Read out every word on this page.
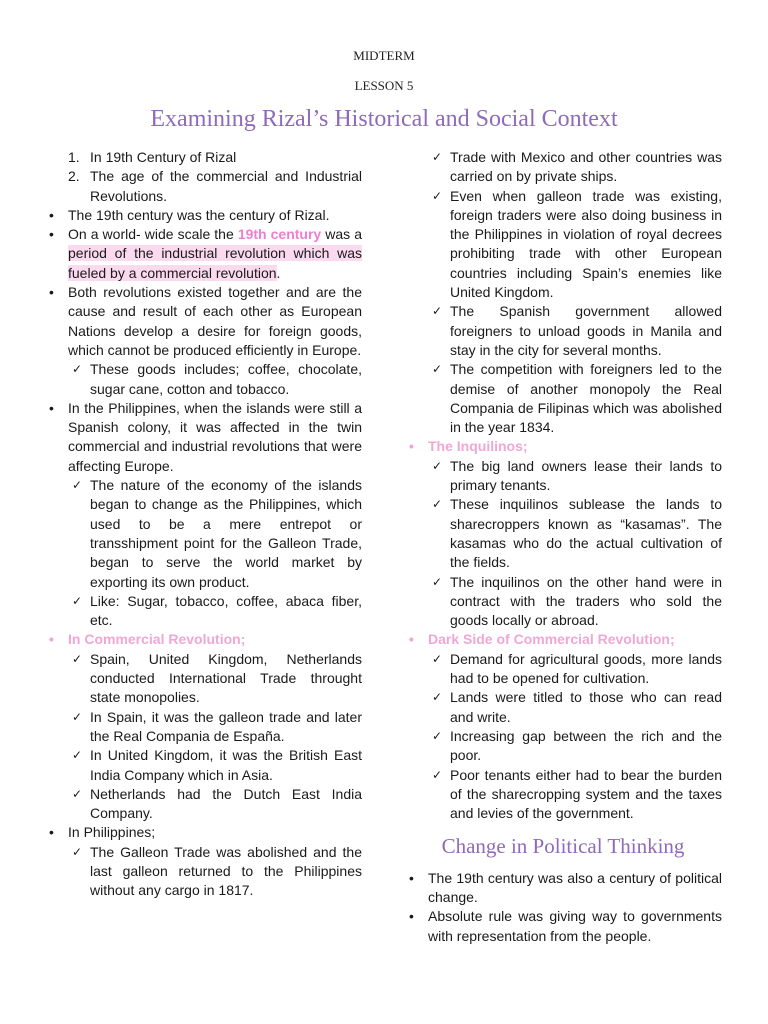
MIDTERM
LESSON 5
Examining Rizal’s Historical and Social Context
1. In 19th Century of Rizal
2. The age of the commercial and Industrial Revolutions.
• The 19th century was the century of Rizal.
• On a world- wide scale the 19th century was a period of the industrial revolution which was fueled by a commercial revolution.
• Both revolutions existed together and are the cause and result of each other as European Nations develop a desire for foreign goods, which cannot be produced efficiently in Europe.
✓ These goods includes; coffee, chocolate, sugar cane, cotton and tobacco.
• In the Philippines, when the islands were still a Spanish colony, it was affected in the twin commercial and industrial revolutions that were affecting Europe.
✓ The nature of the economy of the islands began to change as the Philippines, which used to be a mere entrepot or transshipment point for the Galleon Trade, began to serve the world market by exporting its own product.
✓ Like: Sugar, tobacco, coffee, abaca fiber, etc.
• In Commercial Revolution;
✓ Spain, United Kingdom, Netherlands conducted International Trade throught state monopolies.
✓ In Spain, it was the galleon trade and later the Real Compania de España.
✓ In United Kingdom, it was the British East India Company which in Asia.
✓ Netherlands had the Dutch East India Company.
• In Philippines;
✓ The Galleon Trade was abolished and the last galleon returned to the Philippines without any cargo in 1817.
✓ Trade with Mexico and other countries was carried on by private ships.
✓ Even when galleon trade was existing, foreign traders were also doing business in the Philippines in violation of royal decrees prohibiting trade with other European countries including Spain’s enemies like United Kingdom.
✓ The Spanish government allowed foreigners to unload goods in Manila and stay in the city for several months.
✓ The competition with foreigners led to the demise of another monopoly the Real Compania de Filipinas which was abolished in the year 1834.
• The Inquilinos;
✓ The big land owners lease their lands to primary tenants.
✓ These inquilinos sublease the lands to sharecroppers known as “kasamas”. The kasamas who do the actual cultivation of the fields.
✓ The inquilinos on the other hand were in contract with the traders who sold the goods locally or abroad.
• Dark Side of Commercial Revolution;
✓ Demand for agricultural goods, more lands had to be opened for cultivation.
✓ Lands were titled to those who can read and write.
✓ Increasing gap between the rich and the poor.
✓ Poor tenants either had to bear the burden of the sharecropping system and the taxes and levies of the government.
Change in Political Thinking
• The 19th century was also a century of political change.
• Absolute rule was giving way to governments with representation from the people.
